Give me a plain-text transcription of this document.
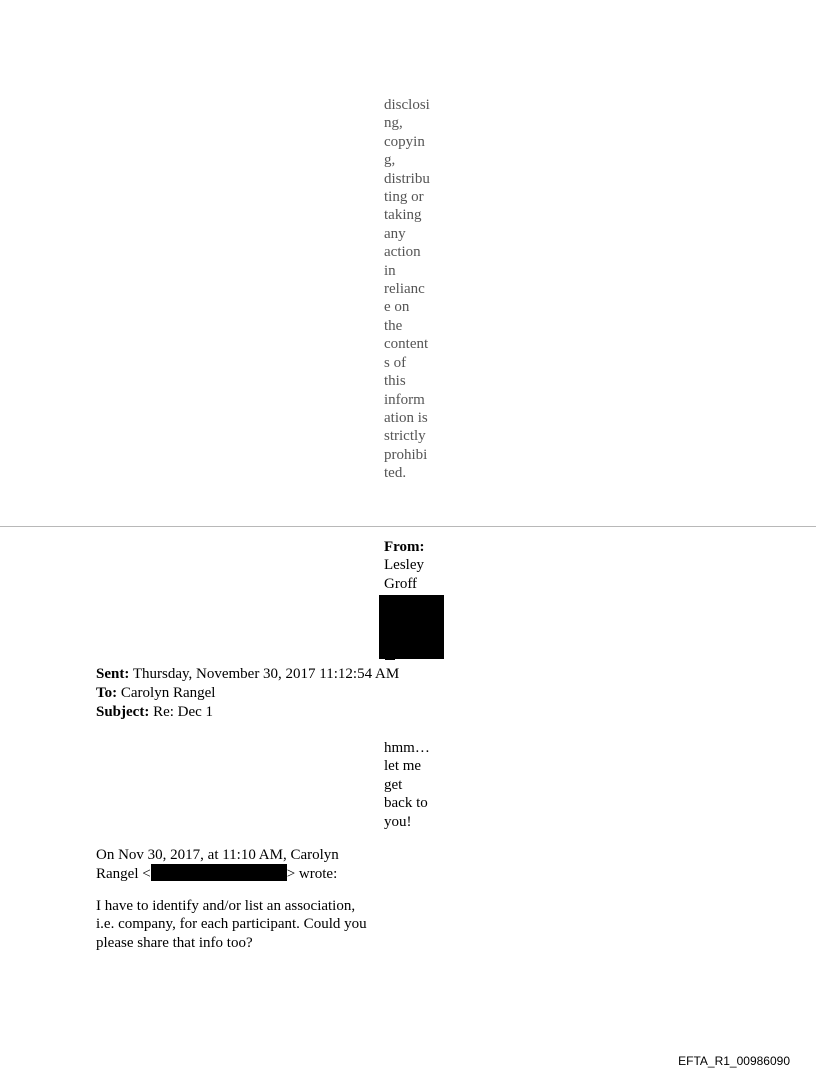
disclosi
ng,
copyin
g,
distribu
ting or
taking
any
action
in
relianc
e on
the
content
s of
this
inform
ation is
strictly
prohibi
ted.
From:
Lesley
Groff
Sent: Thursday, November 30, 2017 11:12:54 AM
To: Carolyn Rangel
Subject: Re: Dec 1
hmm…
let me
get
back to
you!
On Nov 30, 2017, at 11:10 AM, Carolyn
Rangel <	> wrote:
I have to identify and/or list an association,
i.e. company, for each participant. Could you
please share that info too?
EFTA_R1_00986090
